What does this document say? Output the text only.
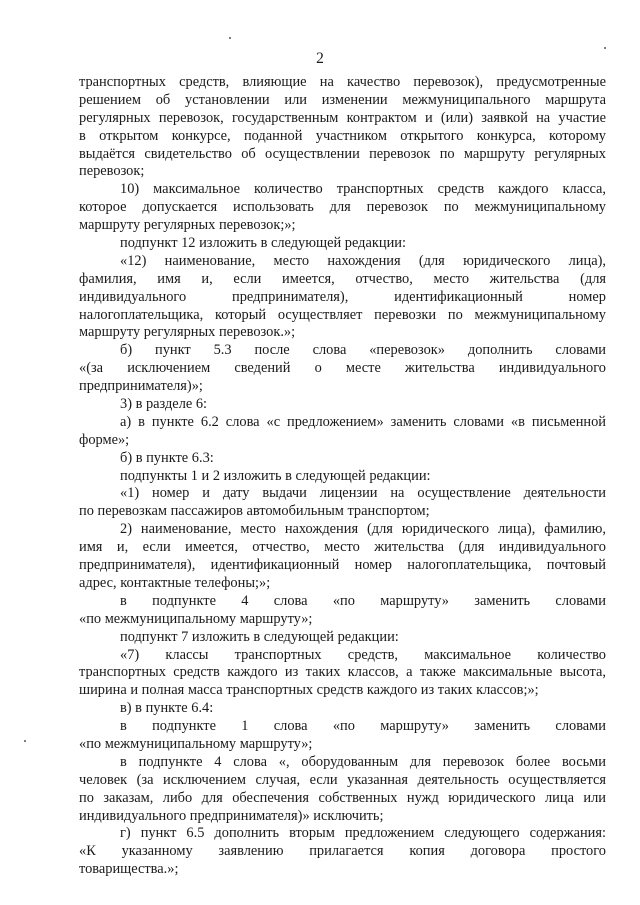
2
транспортных средств, влияющие на качество перевозок), предусмотренные
решением об установлении или изменении межмуниципального маршрута
регулярных перевозок, государственным контрактом и (или) заявкой на участие
в открытом конкурсе, поданной участником открытого конкурса, которому
выдаётся свидетельство об осуществлении перевозок по маршруту регулярных
перевозок;
10) максимальное количество транспортных средств каждого класса,
которое допускается использовать для перевозок по межмуниципальному
маршруту регулярных перевозок;»;
подпункт 12 изложить в следующей редакции:
«12) наименование, место нахождения (для юридического лица),
фамилия, имя и, если имеется, отчество, место жительства (для
индивидуального предпринимателя), идентификационный номер
налогоплательщика, который осуществляет перевозки по межмуниципальному
маршруту регулярных перевозок.»;
б) пункт 5.3 после слова «перевозок» дополнить словами
«(за исключением сведений о месте жительства индивидуального
предпринимателя)»;
3) в разделе 6:
а) в пункте 6.2 слова «с предложением» заменить словами «в письменной
форме»;
б) в пункте 6.3:
подпункты 1 и 2 изложить в следующей редакции:
«1) номер и дату выдачи лицензии на осуществление деятельности
по перевозкам пассажиров автомобильным транспортом;
2) наименование, место нахождения (для юридического лица), фамилию,
имя и, если имеется, отчество, место жительства (для индивидуального
предпринимателя), идентификационный номер налогоплательщика, почтовый
адрес, контактные телефоны;»;
в подпункте 4 слова «по маршруту» заменить словами
«по межмуниципальному маршруту»;
подпункт 7 изложить в следующей редакции:
«7) классы транспортных средств, максимальное количество
транспортных средств каждого из таких классов, а также максимальные высота,
ширина и полная масса транспортных средств каждого из таких классов;»;
в) в пункте 6.4:
в подпункте 1 слова «по маршруту» заменить словами
«по межмуниципальному маршруту»;
в подпункте 4 слова «, оборудованным для перевозок более восьми
человек (за исключением случая, если указанная деятельность осуществляется
по заказам, либо для обеспечения собственных нужд юридического лица или
индивидуального предпринимателя)» исключить;
г) пункт 6.5 дополнить вторым предложением следующего содержания:
«К указанному заявлению прилагается копия договора простого
товарищества.»;
